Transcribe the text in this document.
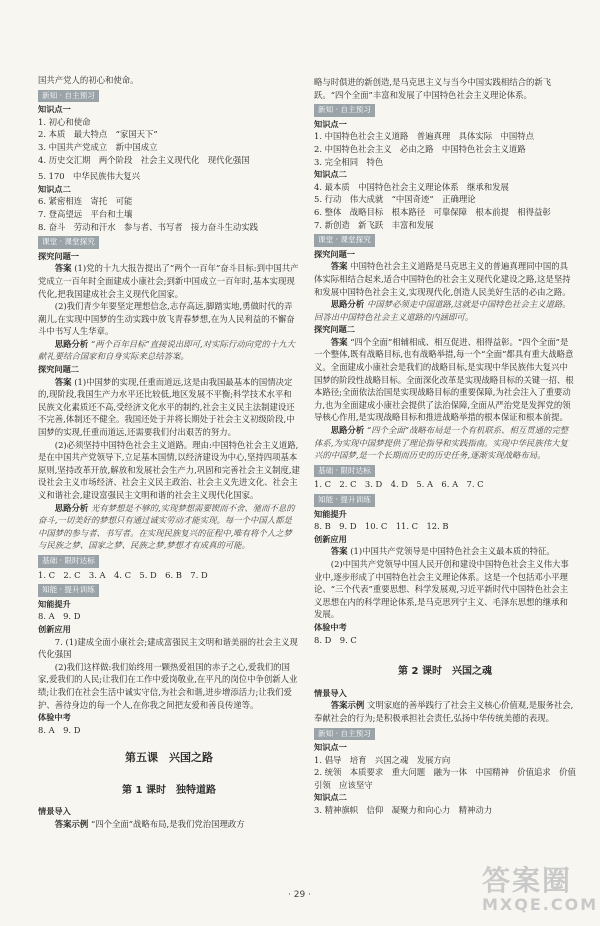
国共产党人的初心和使命。

新知 · 自主预习

知识点一

1. 初心和使命

2. 本质　最大特点　“家国天下”

3. 中国共产党成立　新中国成立

4. 历史交汇期　两个阶段　社会主义现代化　现代化强国

5. 170　中华民族伟大复兴

知识点二

6. 紧密相连　寄托　可能

7. 登高望远　平台和土壤

8. 奋斗　劳动和汗水　参与者、书写者　接力奋斗生动实践

课堂 · 课堂探究

探究问题一

答案 (1)党的十九大报告提出了“两个一百年”奋斗目标:到中国共产党成立一百年时全面建成小康社会;到新中国成立一百年时,基本实现现代化,把我国建成社会主义现代化国家。

(2)我们青少年要坚定理想信念,志存高远,脚踏实地,勇做时代的弄潮儿,在实现中国梦的生动实践中放飞青春梦想,在为人民利益的不懈奋斗中书写人生华章。

思路分析 “两个百年目标”直接说出即可,对实际行动向党的十九大献礼要结合国家和自身实际来总结答案。

探究问题二

答案 (1)中国梦的实现,任重而道远,这是由我国最基本的国情决定的,现阶段,我国生产力水平还比较低,地区发展不平衡;科学技术水平和民族文化素质还不高,受经济文化水平的制约,社会主义民主法制建设还不完善,体制还不健全。我国还处于并将长期处于社会主义初级阶段,中国梦的实现,任重而道远,还需要我们付出艰苦的努力。

(2)必须坚持中国特色社会主义道路。理由:中国特色社会主义道路,是在中国共产党领导下,立足基本国情,以经济建设为中心,坚持四项基本原则,坚持改革开放,解放和发展社会生产力,巩固和完善社会主义制度,建设社会主义市场经济、社会主义民主政治、社会主义先进文化、社会主义和谐社会,建设富强民主文明和谐的社会主义现代化国家。

思路分析 光有梦想是不够的,实现梦想需要锲而不舍、驰而不息的奋斗,一切美好的梦想只有通过诚实劳动才能实现。每一个中国人都是中国梦的参与者、书写者。在实现民族复兴的征程中,唯有将个人之梦与民族之梦、国家之梦、民族之梦,梦想才有成真的可能。

基础 · 限时达标

1. C　2. C　3. A　4. C　5. D　6. B　7. D

知能 · 提升训练

知能提升

8. A　9. D

创新应用

7. (1)建成全面小康社会;建成富强民主文明和谐美丽的社会主义现代化强国

(2)我们这样做:我们始终用一颗热爱祖国的赤子之心,爱我们的国家,爱我们的人民;让我们在工作中爱岗敬业,在平凡的岗位中争创新人业绩;让我们在社会生活中诚实守信,为社会和谐,进步增添活力;让我们爱护、善待身边的每一个人,在你我之间把友爱和善良传递等。

体验中考

8. A　9. D

第五课　兴国之路
第 1 课时　独特道路

情景导入

答案示例 “四个全面”战略布局,是我们党治国理政方

略与时俱进的新创造,是马克思主义与当今中国实践相结合的新飞跃。“四个全面”丰富和发展了中国特色社会主义理论体系。

新知 · 自主预习

知识点一

1. 中国特色社会主义道路　普遍真理　具体实际　中国特点

2. 中国特色社会主义　必由之路　中国特色社会主义道路

3. 完全相同　特色

知识点二

4. 最本质　中国特色社会主义理论体系　继承和发展

5. 行动　伟大成就　“中国奇迹”　正确理论

6. 整体　战略目标　根本路径　可靠保障　根本前提　相得益彰

7. 新创造　新飞跃　丰富和发展

课堂 · 课堂探究

探究问题一

答案 中国特色社会主义道路是马克思主义的普遍真理同中国的具体实际相结合起来,适合中国特色的社会主义现代化建设之路,这是坚持和发展中国特色社会主义,实现现代化,创造人民美好生活的必由之路。

思路分析 中国梦必须走中国道路,这就是中国特色社会主义道路。回答出中国特色社会主义道路的内涵即可。

探究问题二

答案 “四个全面”相辅相成、相互促进、相得益彰。“四个全面”是一个整体,既有战略目标,也有战略举措,每一个“全面”都具有重大战略意义。全面建成小康社会是我们的战略目标,是实现中华民族伟大复兴中国梦的阶段性战略目标。全面深化改革是实现战略目标的关键一招、根本路径;全面依法治国是实现战略目标的重要保障,为社会注入了重要动力,也为全面建成小康社会提供了法治保障,全面从严治党是发挥党的领导核心作用,是实现战略目标和推进战略举措的根本保证和根本前提。

思路分析 “四个全面”战略布局是一个有机联系、相互贯通的完整体系,为实现中国梦提供了理论指导和实践指南。实现中华民族伟大复兴的中国梦,是一个长期而历史的历史任务,逐渐实现战略布局。

基础 · 限时达标

1. C　2. C　3. D　4. D　5. A　6. A　7. C

知能 · 提升训练

知能提升

8. B　9. D　10. C　11. C　12. B

创新应用

答案 (1)中国共产党领导是中国特色社会主义最本质的特征。

(2)中国共产党领导中国人民开创和建设中国特色社会主义伟大事业中,逐步形成了中国特色社会主义理论体系。这是一个包括邓小平理论、“三个代表”重要思想、科学发展观,习近平新时代中国特色社会主义思想在内的科学理论体系,是马克思列宁主义、毛泽东思想的继承和发展。

体验中考

8. D　9. C

第 2 课时　兴国之魂

情景导入

答案示例 文明家庭的善举践行了社会主义核心价值观,是服务社会,奉献社会的行为;是积极承担社会责任,弘扬中华传统美德的表现。

新知 · 自主预习

知识点一

1. 倡导　培育　兴国之魂　发展方向

2. 统领　本质要求　重大问题　融为一体　中国精神　价值追求　价值引领　应该坚守

知识点二

3. 精神旗帜　信仰　凝聚力和向心力　精神动力

· 29 ·	答案圈
MXQE.COM
